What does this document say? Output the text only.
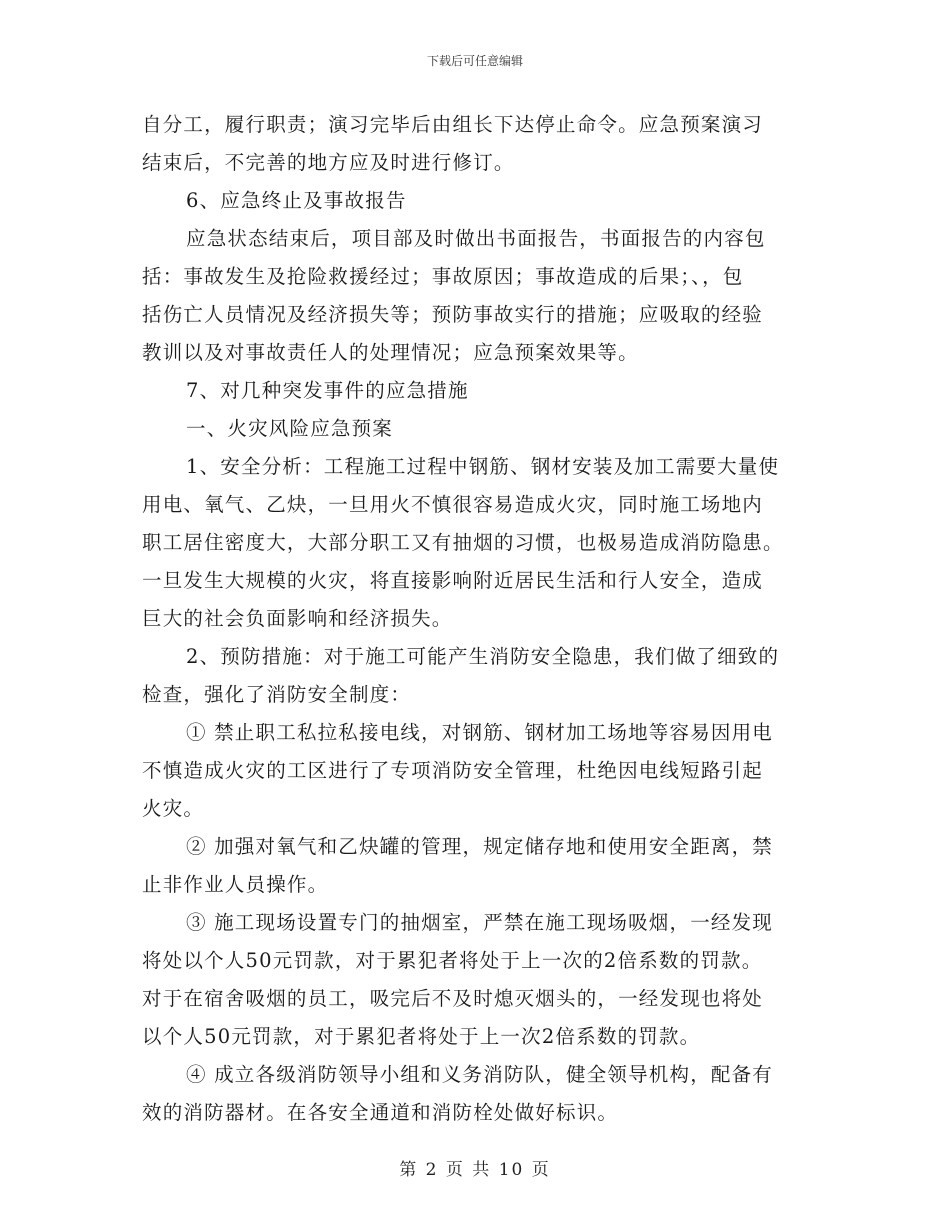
下载后可任意编辑
自分工，履行职责；演习完毕后由组长下达停止命令。应急预案演习
结束后，不完善的地方应及时进行修订。
6、应急终止及事故报告
应急状态结束后，项目部及时做出书面报告，书面报告的内容包
括：事故发生及抢险救援经过；事故原因；事故造成的后果；、，包
括伤亡人员情况及经济损失等；预防事故实行的措施；应吸取的经验
教训以及对事故责任人的处理情况；应急预案效果等。
7、对几种突发事件的应急措施
一、火灾风险应急预案
1、安全分析：工程施工过程中钢筋、钢材安装及加工需要大量使
用电、氧气、乙炔，一旦用火不慎很容易造成火灾，同时施工场地内
职工居住密度大，大部分职工又有抽烟的习惯，也极易造成消防隐患。
一旦发生大规模的火灾，将直接影响附近居民生活和行人安全，造成
巨大的社会负面影响和经济损失。
2、预防措施：对于施工可能产生消防安全隐患，我们做了细致的
检查，强化了消防安全制度：
① 禁止职工私拉私接电线，对钢筋、钢材加工场地等容易因用电
不慎造成火灾的工区进行了专项消防安全管理，杜绝因电线短路引起
火灾。
② 加强对氧气和乙炔罐的管理，规定储存地和使用安全距离，禁
止非作业人员操作。
③ 施工现场设置专门的抽烟室，严禁在施工现场吸烟，一经发现
将处以个人50元罚款，对于累犯者将处于上一次的2倍系数的罚款。
对于在宿舍吸烟的员工，吸完后不及时熄灭烟头的，一经发现也将处
以个人50元罚款，对于累犯者将处于上一次2倍系数的罚款。
④ 成立各级消防领导小组和义务消防队，健全领导机构，配备有
效的消防器材。在各安全通道和消防栓处做好标识。
第 2 页 共 10 页
